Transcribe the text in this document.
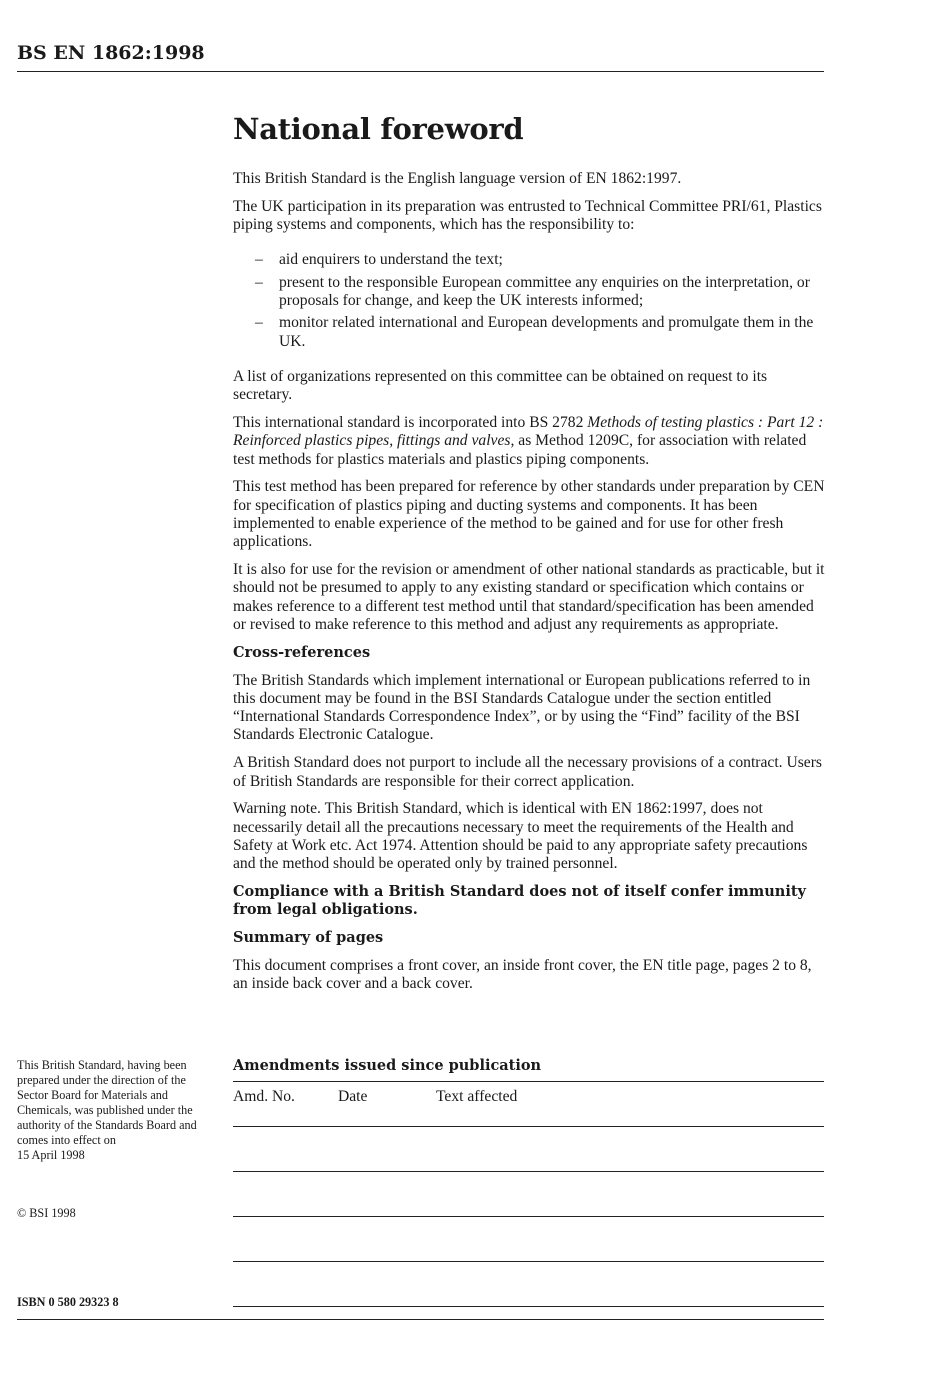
BS EN 1862:1998
National foreword

This British Standard is the English language version of EN 1862:1997.

The UK participation in its preparation was entrusted to Technical Committee PRI/61, Plastics piping systems and components, which has the responsibility to:

– aid enquirers to understand the text;
– present to the responsible European committee any enquiries on the interpretation, or proposals for change, and keep the UK interests informed;
– monitor related international and European developments and promulgate them in the UK.

A list of organizations represented on this committee can be obtained on request to its secretary.

This international standard is incorporated into BS 2782 Methods of testing plastics : Part 12 : Reinforced plastics pipes, fittings and valves, as Method 1209C, for association with related test methods for plastics materials and plastics piping components.

This test method has been prepared for reference by other standards under preparation by CEN for specification of plastics piping and ducting systems and components. It has been implemented to enable experience of the method to be gained and for use for other fresh applications.

It is also for use for the revision or amendment of other national standards as practicable, but it should not be presumed to apply to any existing standard or specification which contains or makes reference to a different test method until that standard/specification has been amended or revised to make reference to this method and adjust any requirements as appropriate.

Cross-references

The British Standards which implement international or European publications referred to in this document may be found in the BSI Standards Catalogue under the section entitled “International Standards Correspondence Index”, or by using the “Find” facility of the BSI Standards Electronic Catalogue.

A British Standard does not purport to include all the necessary provisions of a contract. Users of British Standards are responsible for their correct application.

Warning note. This British Standard, which is identical with EN 1862:1997, does not necessarily detail all the precautions necessary to meet the requirements of the Health and Safety at Work etc. Act 1974. Attention should be paid to any appropriate safety precautions and the method should be operated only by trained personnel.

Compliance with a British Standard does not of itself confer immunity from legal obligations.

Summary of pages

This document comprises a front cover, an inside front cover, the EN title page, pages 2 to 8, an inside back cover and a back cover.

This British Standard, having been prepared under the direction of the Sector Board for Materials and Chemicals, was published under the authority of the Standards Board and comes into effect on
15 April 1998
© BSI 1998
ISBN 0 580 29323 8
Amendments issued since publication
Amd. No.	Date	Text affected
